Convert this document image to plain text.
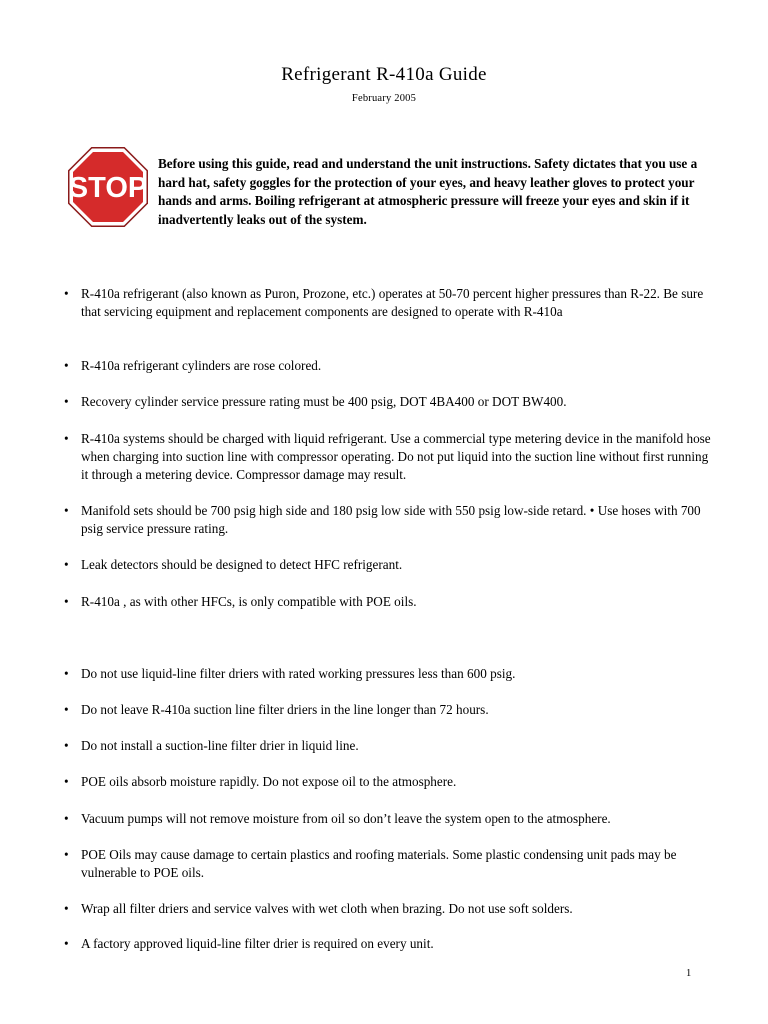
Refrigerant R-410a Guide
February 2005
STOP
Before using this guide, read and understand the unit instructions. Safety dictates that you use a hard hat, safety goggles for the protection of your eyes, and heavy leather gloves to protect your hands and arms. Boiling refrigerant at atmospheric pressure will freeze your eyes and skin if it inadvertently leaks out of the system.
• R-410a refrigerant (also known as Puron, Prozone, etc.) operates at 50-70 percent higher pressures than R-22. Be sure that servicing equipment and replacement components are designed to operate with R-410a
• R-410a refrigerant cylinders are rose colored.
• Recovery cylinder service pressure rating must be 400 psig, DOT 4BA400 or DOT BW400.
• R-410a systems should be charged with liquid refrigerant. Use a commercial type metering device in the manifold hose when charging into suction line with compressor operating. Do not put liquid into the suction line without first running it through a metering device. Compressor damage may result.
• Manifold sets should be 700 psig high side and 180 psig low side with 550 psig low-side retard. • Use hoses with 700 psig service pressure rating.
• Leak detectors should be designed to detect HFC refrigerant.
• R-410a , as with other HFCs, is only compatible with POE oils.
• Do not use liquid-line filter driers with rated working pressures less than 600 psig.
• Do not leave R-410a suction line filter driers in the line longer than 72 hours.
• Do not install a suction-line filter drier in liquid line.
• POE oils absorb moisture rapidly. Do not expose oil to the atmosphere.
• Vacuum pumps will not remove moisture from oil so don’t leave the system open to the atmosphere.
• POE Oils may cause damage to certain plastics and roofing materials. Some plastic condensing unit pads may be vulnerable to POE oils.
• Wrap all filter driers and service valves with wet cloth when brazing. Do not use soft solders.
• A factory approved liquid-line filter drier is required on every unit.
1
